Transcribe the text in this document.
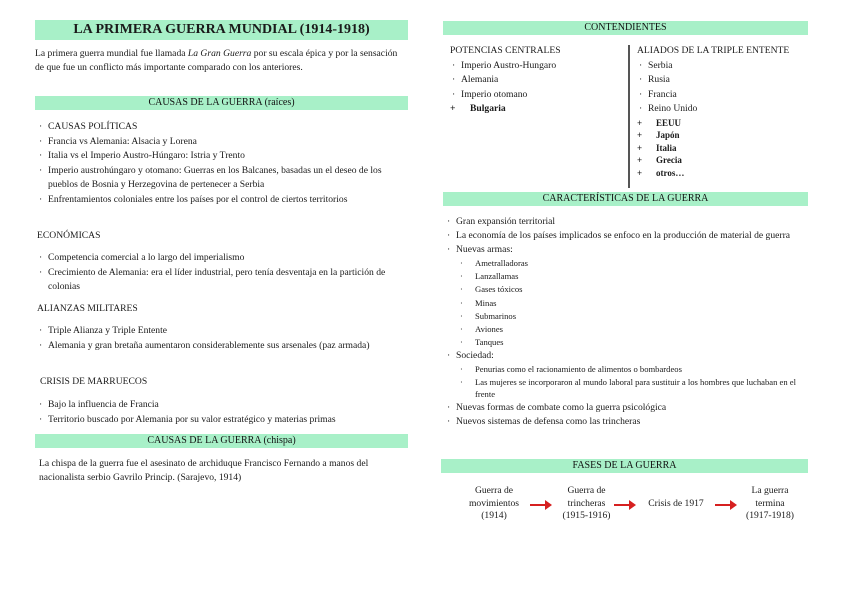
LA PRIMERA GUERRA MUNDIAL (1914-1918)
La primera guerra mundial fue llamada La Gran Guerra por su escala épica y por la sensación de que fue un conflicto más importante comparado con los anteriores.
CAUSAS DE LA GUERRA (raíces)
· CAUSAS POLÍTICAS
· Francia vs Alemania: Alsacia y Lorena
· Italia vs el Imperio Austro-Húngaro: Istria y Trento
· Imperio austrohúngaro y otomano: Guerras en los Balcanes, basadas un el deseo de los pueblos de Bosnia y Herzegovina de pertenecer a Serbia
· Enfrentamientos coloniales entre los países por el control de ciertos territorios
ECONÓMICAS
· Competencia comercial a lo largo del imperialismo
· Crecimiento de Alemania: era el líder industrial, pero tenía desventaja en la partición de colonias
ALIANZAS MILITARES
· Triple Alianza y Triple Entente
· Alemania y gran bretaña aumentaron considerablemente sus arsenales (paz armada)
CRISIS DE MARRUECOS
· Bajo la influencia de Francia
· Territorio buscado por Alemania por su valor estratégico y materias primas
CAUSAS DE LA GUERRA (chispa)
La chispa de la guerra fue el asesinato de archiduque Francisco Fernando a manos del nacionalista serbio Gavrilo Princip. (Sarajevo, 1914)
CONTENDIENTES
POTENCIAS CENTRALES
· Imperio Austro-Hungaro
· Alemania
· Imperio otomano
+ Bulgaria
ALIADOS DE LA TRIPLE ENTENTE
· Serbia
· Rusia
· Francia
· Reino Unido
+ EEUU
+ Japón
+ Italia
+ Grecia
+ otros…
CARACTERÍSTICAS DE LA GUERRA
· Gran expansión territorial
· La economía de los países implicados se enfoco en la producción de material de guerra
· Nuevas armas:
· Ametralladoras
· Lanzallamas
· Gases tóxicos
· Minas
· Submarinos
· Aviones
· Tanques
· Sociedad:
· Penurias como el racionamiento de alimentos o bombardeos
· Las mujeres se incorporaron al mundo laboral para sustituir a los hombres que luchaban en el frente
· Nuevas formas de combate como la guerra psicológica
· Nuevos sistemas de defensa como las trincheras
FASES DE LA GUERRA
Guerra de
movimientos
(1914)
Guerra de
trincheras
(1915-1916)
Crisis de 1917
La guerra
termina
(1917-1918)
